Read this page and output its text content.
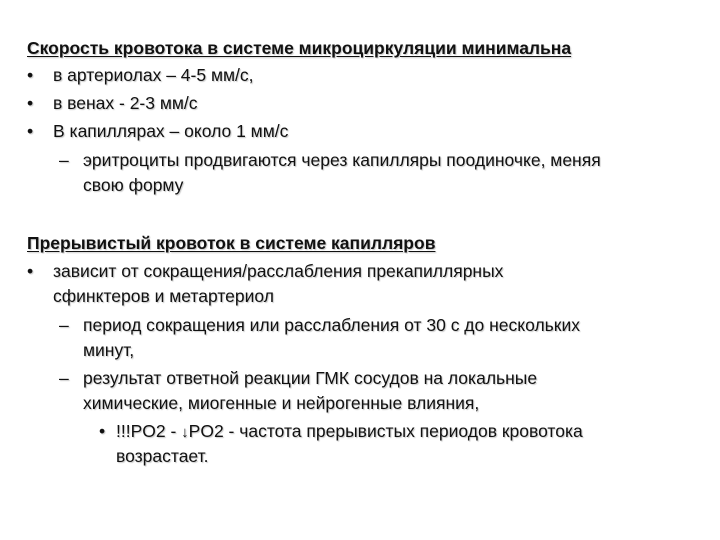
Скорость кровотока в системе микроциркуляции минимальна
• в артериолах – 4-5 мм/с,
• в венах - 2-3 мм/с
• В капиллярах – около 1 мм/с
– эритроциты продвигаются через капилляры поодиночке, меняя
свою форму
Прерывистый кровоток в системе капилляров
• зависит от сокращения/расслабления прекапиллярных
сфинктеров и метартериол
– период сокращения или расслабления от 30 с до нескольких
минут,
– результат ответной реакции ГМК сосудов на локальные
химические, миогенные и нейрогенные влияния,
• !!!PO2 - ↓PO2 - частота прерывистых периодов кровотока
возрастает.
